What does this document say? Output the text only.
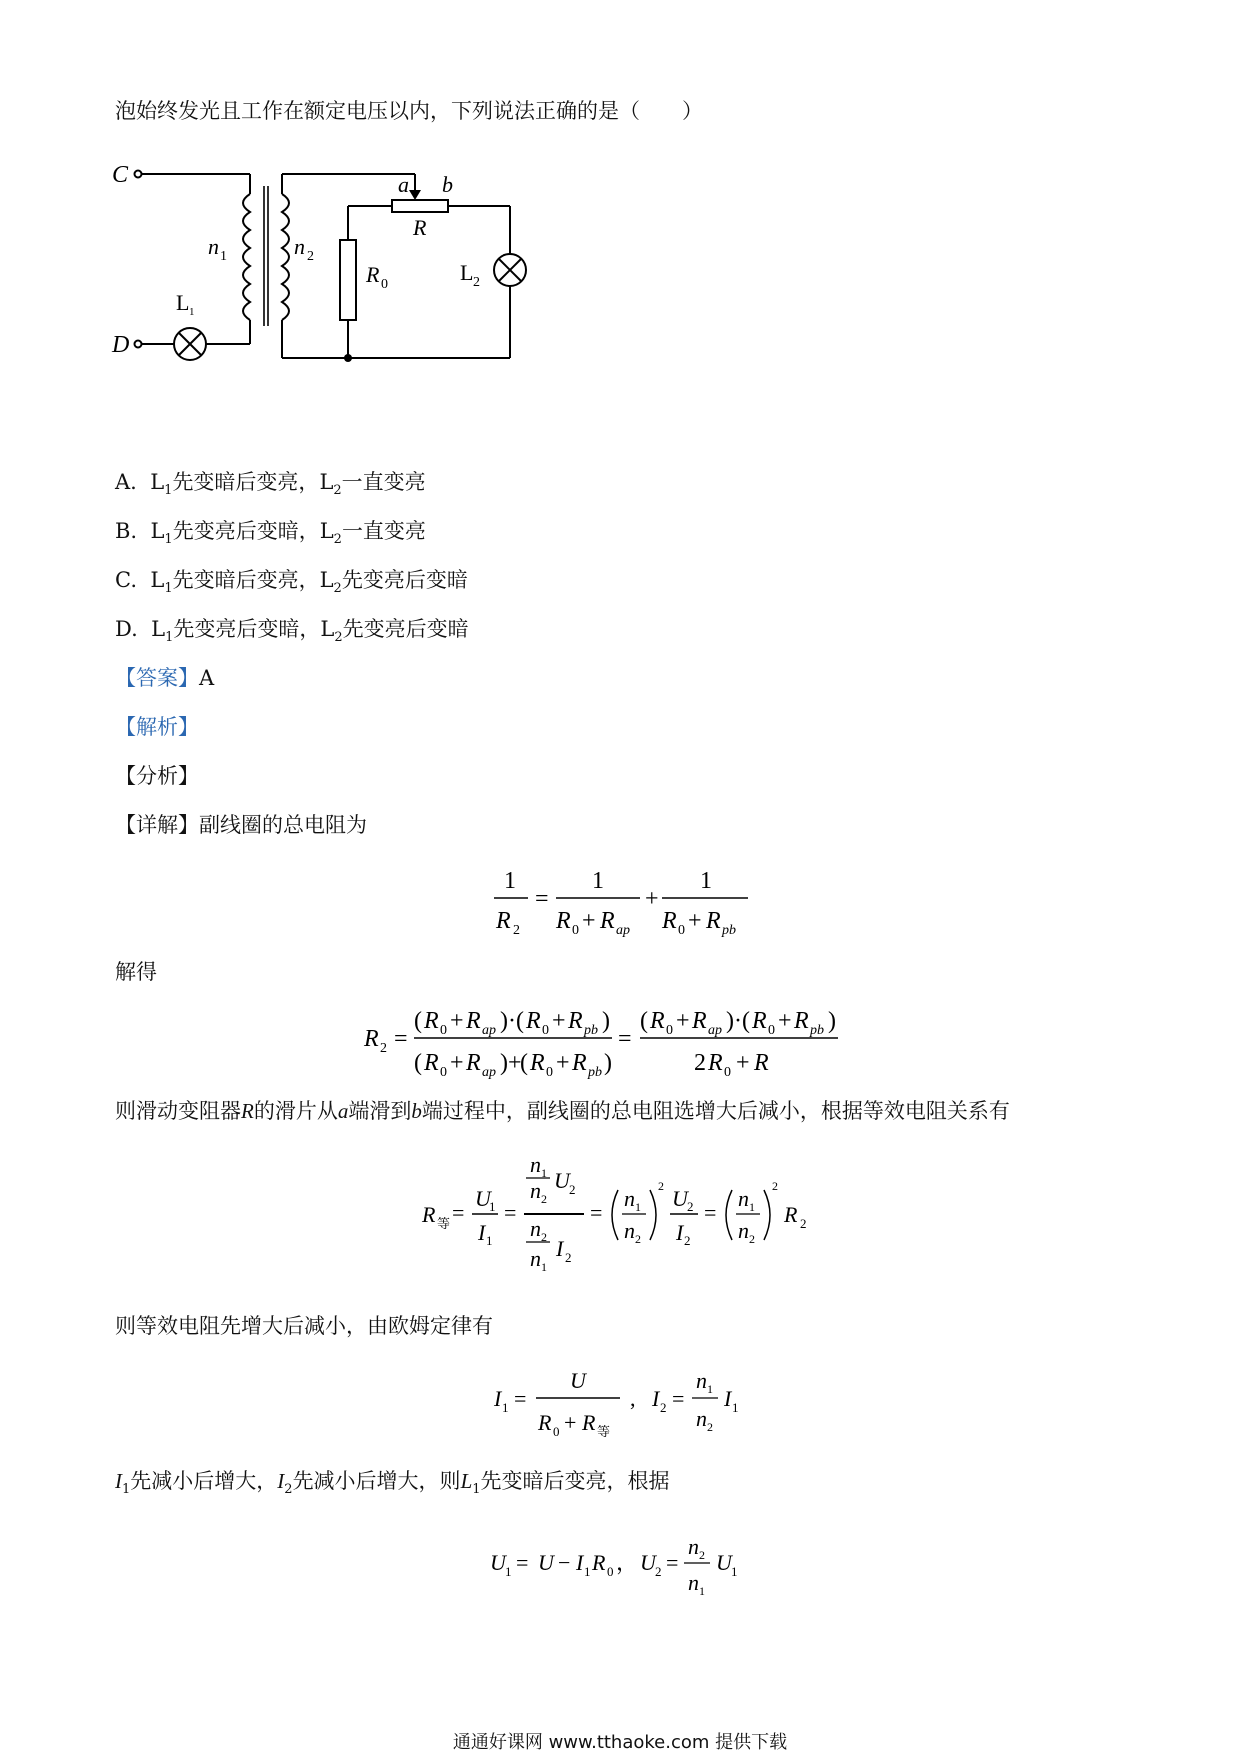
泡始终发光且工作在额定电压以内，下列说法正确的是（　　）
C
D
n 1	n 2
a b
R
R 0	L 2
L 1
A. $L_1$先变暗后变亮，$L_2$一直变亮
B. $L_1$先变亮后变暗，$L_2$一直变亮
C. $L_1$先变暗后变亮，$L_2$先变亮后变暗
D. $L_1$先变亮后变暗，$L_2$先变亮后变暗
【答案】A
【解析】
【分析】
【详解】副线圈的总电阻为
1
R 2
=
1
R 0 + R ap
+
1
R 0 + R pb
解得
R 2 =
( R 0 + R ap ) · ( R 0 + R pb )
( R 0 + R ap ) +
( R 0 + R pb )
=
( R 0 + R ap ) · ( R 0 + R pb )
2 R 0 + R
则滑动变阻器R的滑片从a端滑到b端过程中，副线圈的总电阻选增大后减小，根据等效电阻关系有
R 等 =
U
1
I 1
=
n 1
n 2
U 2
n 2
n 1
I 2
=
n 1
n 2
2 U 2
I 2
=
n 1
n 2
2
R 2
则等效电阻先增大后减小，由欧姆定律有
I 1 =
U
R 0 + R 等
, I 2 =
n 1
n 2
I 1
$I_1$先减小后增大，$I_2$先减小后增大，则$L_1$先变暗后变亮，根据
U 1 = U − I 1 R 0 ， U 2 =
n 2
n 1
U 1
通通好课网 www.tthaoke.com 提供下载
